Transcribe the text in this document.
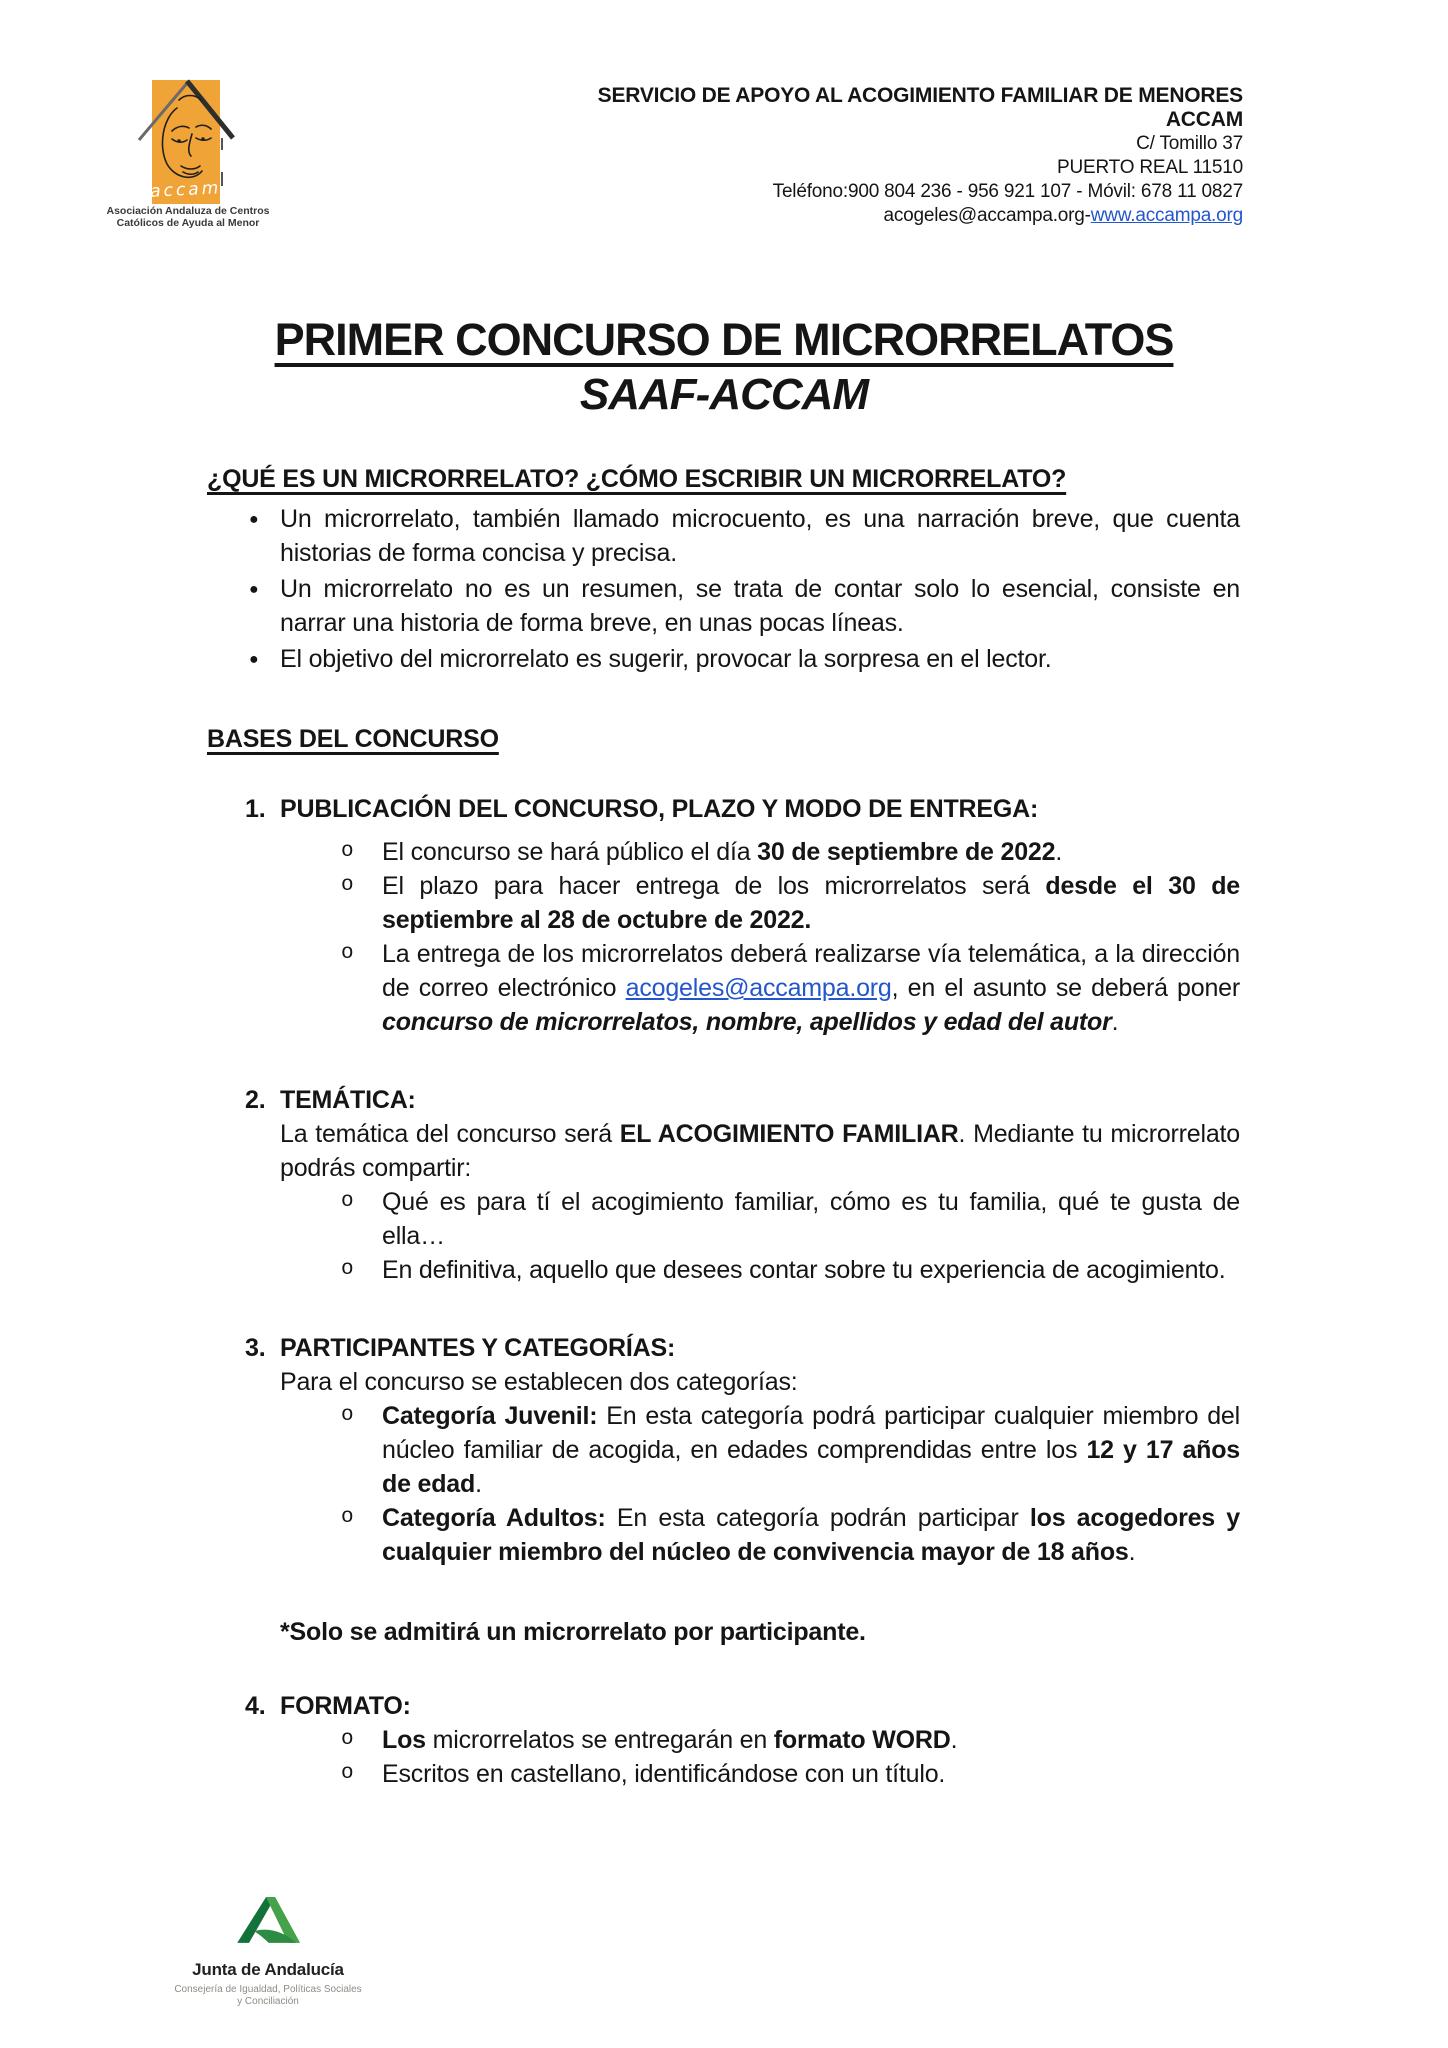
accam
Asociación Andaluza de Centros
Católicos de Ayuda al Menor
SERVICIO DE APOYO AL ACOGIMIENTO FAMILIAR DE MENORES
ACCAM
C/ Tomillo 37
PUERTO REAL 11510
Teléfono:900 804 236 - 956 921 107 - Móvil: 678 11 0827
acogeles@accampa.org-www.accampa.org
PRIMER CONCURSO DE MICRORRELATOS
SAAF-ACCAM
¿QUÉ ES UN MICRORRELATO? ¿CÓMO ESCRIBIR UN MICRORRELATO?
● Un microrrelato, también llamado microcuento, es una narración breve, que cuenta historias de forma concisa y precisa.
● Un microrrelato no es un resumen, se trata de contar solo lo esencial, consiste en narrar una historia de forma breve, en unas pocas líneas.
● El objetivo del microrrelato es sugerir, provocar la sorpresa en el lector.
BASES DEL CONCURSO
1. PUBLICACIÓN DEL CONCURSO, PLAZO Y MODO DE ENTREGA:
o El concurso se hará público el día 30 de septiembre de 2022.
o El plazo para hacer entrega de los microrrelatos será desde el 30 de septiembre al 28 de octubre de 2022.
o La entrega de los microrrelatos deberá realizarse vía telemática, a la dirección de correo electrónico acogeles@accampa.org, en el asunto se deberá poner concurso de microrrelatos, nombre, apellidos y edad del autor.
2. TEMÁTICA:
La temática del concurso será EL ACOGIMIENTO FAMILIAR. Mediante tu microrrelato podrás compartir:
o Qué es para tí el acogimiento familiar, cómo es tu familia, qué te gusta de ella…
o En definitiva, aquello que desees contar sobre tu experiencia de acogimiento.
3. PARTICIPANTES Y CATEGORÍAS:
Para el concurso se establecen dos categorías:
o Categoría Juvenil: En esta categoría podrá participar cualquier miembro del núcleo familiar de acogida, en edades comprendidas entre los 12 y 17 años de edad.
o Categoría Adultos: En esta categoría podrán participar los acogedores y cualquier miembro del núcleo de convivencia mayor de 18 años.
*Solo se admitirá un microrrelato por participante.
4. FORMATO:
o Los microrrelatos se entregarán en formato WORD.
o Escritos en castellano, identificándose con un título.
Junta de Andalucía
Consejería de Igualdad, Políticas Sociales
y Conciliación
